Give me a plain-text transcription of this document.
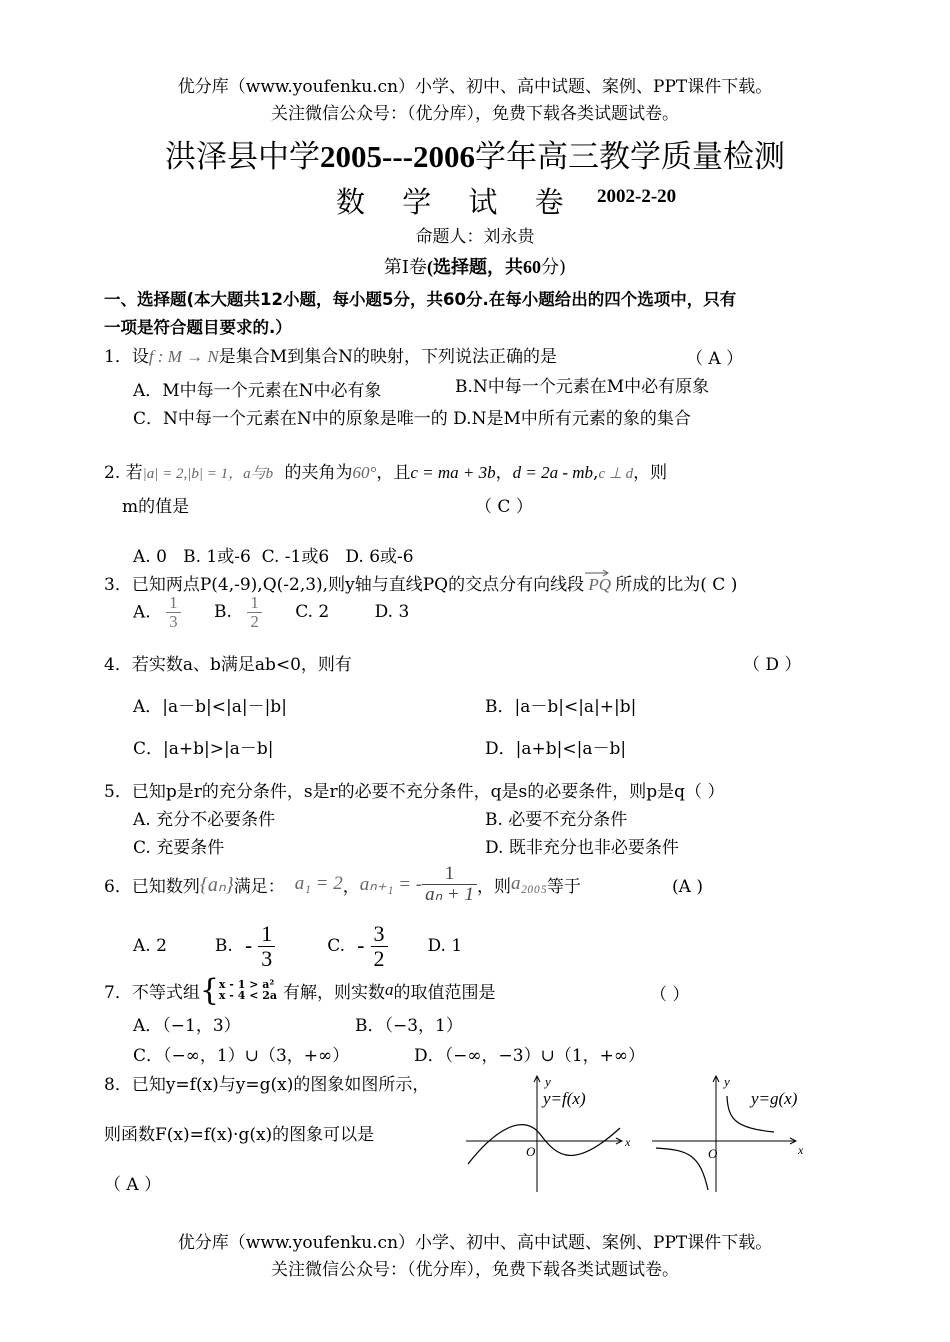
优分库（www.youfenku.cn）小学、初中、高中试题、案例、PPT课件下载。
关注微信公众号：（优分库），免费下载各类试题试卷。
洪泽县中学2005---2006学年高三教学质量检测
数 学 试 卷 2002-2-20
命题人：刘永贵
第Ⅰ卷(选择题，共60分)
一、选择题(本大题共12小题，每小题5分，共60分.在每小题给出的四个选项中，只有
一项是符合题目要求的.）
1．设f : M → N是集合M到集合N的映射，下列说法正确的是	（ A ）
A．M中每一个元素在N中必有象	B.N中每一个元素在M中必有原象
C．N中每一个元素在N中的原象是唯一的 D.N是M中所有元素的象的集合
2. 若|a| = 2,|b| = 1，a与b 的夹角为60°，且c = ma + 3b，d = 2a - mb,c ⊥ d，则
m的值是	（ C ）
A. 0   B. 1或-6  C. -1或6   D. 6或-6
3．已知两点P(4,-9),Q(-2,3),则y轴与直线PQ的交点分有向线段 PQ 所成的比为( C )
A. $\frac{1}{3} B$. $\frac{1}{2} C$. 2	D. 3
4．若实数a、b满足ab<0，则有	（ D ）
A．|a－b|<|a|－|b|	B．|a－b|<|a|+|b|
C．|a+b|>|a－b|	D．|a+b|<|a－b|
5．已知p是r的充分条件，s是r的必要不充分条件，q是s的必要条件，则p是q（ ）
A. 充分不必要条件	B. 必要不充分条件
C. 充要条件	D. 既非充分也非必要条件
6．已知数列 {aₙ} 满足： a₁ = 2 ， aₙ₊₁ = - $\frac{1}{\text{aₙ + 1}}$ ，则 a₂₀₀₅ 等于	(A )
A. 2	B. - $\frac{1}{3}$	C. - $\frac{3}{2} D$. 1
7．不等式组 { x - 1 > a²
x - 4 < 2a 有解，则实数 a 的取值范围是	（ ）
A．（−1，3）	B．（−3，1）
C．（−∞，1）∪（3，+∞）	D．（−∞，−3）∪（1，+∞）
8．已知y=f(x)与y=g(x)的图象如图所示，
则函数F(x)=f(x)·g(x)的图象可以是
（ A ）
y
y=f(x)
x
O
y
y=g(x)
x
O
优分库（www.youfenku.cn）小学、初中、高中试题、案例、PPT课件下载。
关注微信公众号：（优分库），免费下载各类试题试卷。
